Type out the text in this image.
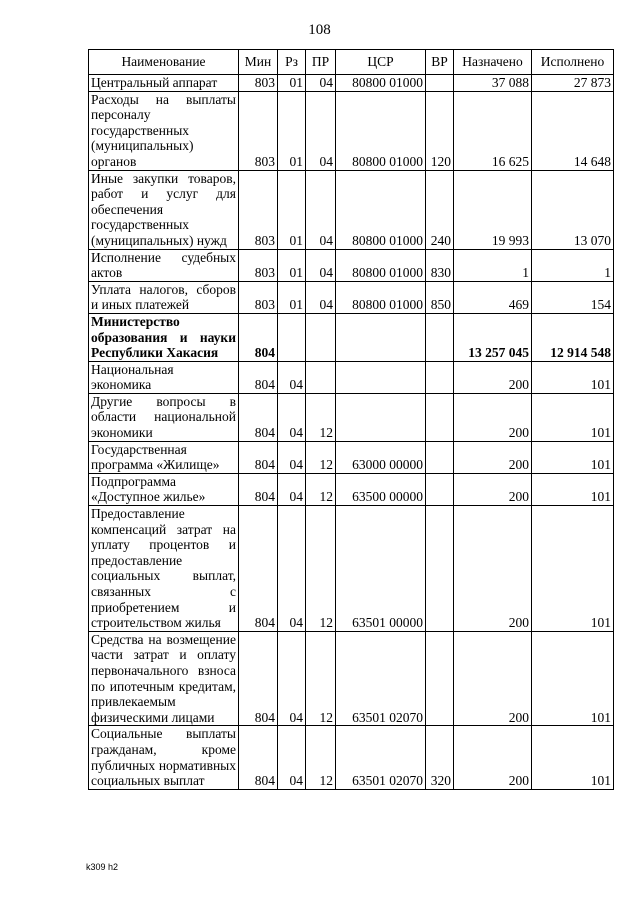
108
Наименование	Мин	Рз	ПР	ЦСР	ВР	Назначено	Исполнено
Центральный аппарат	803	01	04	80800 01000		37 088	27 873
Расходы на выплаты персоналу государственных (муниципальных) органов	803	01	04	80800 01000	120	16 625	14 648
Иные закупки товаров, работ и услуг для обеспечения государственных (муниципальных) нужд	803	01	04	80800 01000	240	19 993	13 070
Исполнение судебных актов	803	01	04	80800 01000	830	1	1
Уплата налогов, сборов и иных платежей	803	01	04	80800 01000	850	469	154
Министерство образования и науки Республики Хакасия	804					13 257 045	12 914 548
Национальная экономика	804	04				200	101
Другие вопросы в области национальной экономики	804	04	12			200	101
Государственная программа «Жилище»	804	04	12	63000 00000		200	101
Подпрограмма «Доступное жилье»	804	04	12	63500 00000		200	101
Предоставление компенсаций затрат на уплату процентов и предоставление социальных выплат, связанных с приобретением и строительством жилья	804	04	12	63501 00000		200	101
Средства на возмещение части затрат и оплату первоначального взноса по ипотечным кредитам, привлекаемым физическими лицами	804	04	12	63501 02070		200	101
Социальные выплаты гражданам, кроме публичных нормативных социальных выплат	804	04	12	63501 02070	320	200	101
k309 h2
